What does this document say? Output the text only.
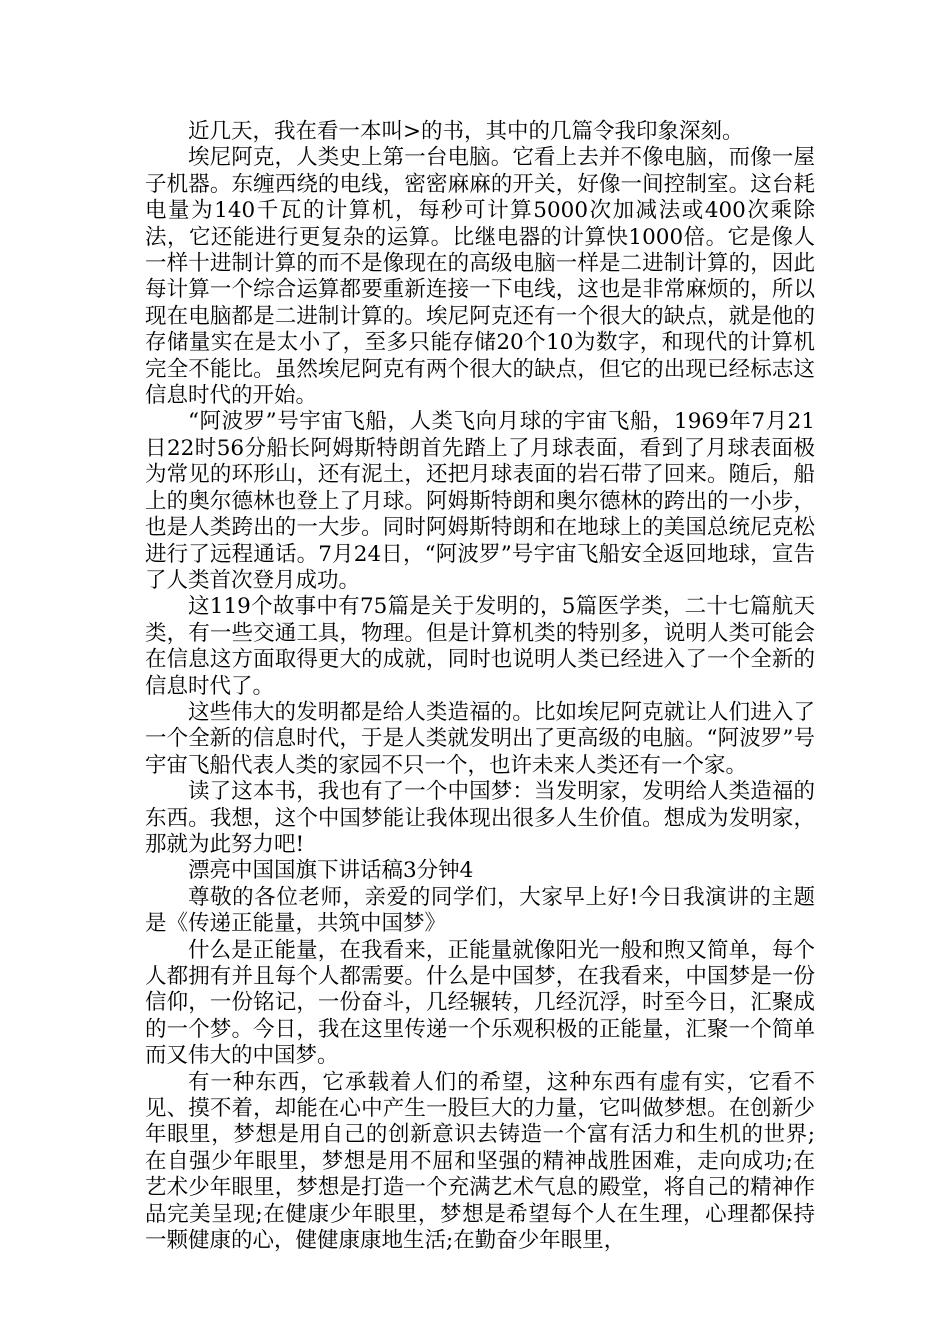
近几天，我在看一本叫>的书，其中的几篇令我印象深刻。

埃尼阿克，人类史上第一台电脑。它看上去并不像电脑，而像一屋子机器。东缠西绕的电线，密密麻麻的开关，好像一间控制室。这台耗电量为140千瓦的计算机，每秒可计算5000次加减法或400次乘除法，它还能进行更复杂的运算。比继电器的计算快1000倍。它是像人一样十进制计算的而不是像现在的高级电脑一样是二进制计算的，因此每计算一个综合运算都要重新连接一下电线，这也是非常麻烦的，所以现在电脑都是二进制计算的。埃尼阿克还有一个很大的缺点，就是他的存储量实在是太小了，至多只能存储20个10为数字，和现代的计算机完全不能比。虽然埃尼阿克有两个很大的缺点，但它的出现已经标志这信息时代的开始。

“阿波罗”号宇宙飞船，人类飞向月球的宇宙飞船，1969年7月21日22时56分船长阿姆斯特朗首先踏上了月球表面，看到了月球表面极为常见的环形山，还有泥土，还把月球表面的岩石带了回来。随后，船上的奥尔德林也登上了月球。阿姆斯特朗和奥尔德林的跨出的一小步，也是人类跨出的一大步。同时阿姆斯特朗和在地球上的美国总统尼克松进行了远程通话。7月24日，“阿波罗”号宇宙飞船安全返回地球，宣告了人类首次登月成功。

这119个故事中有75篇是关于发明的，5篇医学类，二十七篇航天类，有一些交通工具，物理。但是计算机类的特别多，说明人类可能会在信息这方面取得更大的成就，同时也说明人类已经进入了一个全新的信息时代了。

这些伟大的发明都是给人类造福的。比如埃尼阿克就让人们进入了一个全新的信息时代，于是人类就发明出了更高级的电脑。“阿波罗”号宇宙飞船代表人类的家园不只一个，也许未来人类还有一个家。

读了这本书，我也有了一个中国梦：当发明家，发明给人类造福的东西。我想，这个中国梦能让我体现出很多人生价值。想成为发明家，那就为此努力吧!

漂亮中国国旗下讲话稿3分钟4

尊敬的各位老师，亲爱的同学们，大家早上好!今日我演讲的主题是《传递正能量，共筑中国梦》

什么是正能量，在我看来，正能量就像阳光一般和煦又简单，每个人都拥有并且每个人都需要。什么是中国梦，在我看来，中国梦是一份信仰，一份铭记，一份奋斗，几经辗转，几经沉浮，时至今日，汇聚成的一个梦。今日，我在这里传递一个乐观积极的正能量，汇聚一个简单而又伟大的中国梦。

有一种东西，它承载着人们的希望，这种东西有虚有实，它看不见、摸不着，却能在心中产生一股巨大的力量，它叫做梦想。在创新少年眼里，梦想是用自己的创新意识去铸造一个富有活力和生机的世界;在自强少年眼里，梦想是用不屈和坚强的精神战胜困难，走向成功;在艺术少年眼里，梦想是打造一个充满艺术气息的殿堂，将自己的精神作品完美呈现;在健康少年眼里，梦想是希望每个人在生理，心理都保持一颗健康的心，健健康康地生活;在勤奋少年眼里，
